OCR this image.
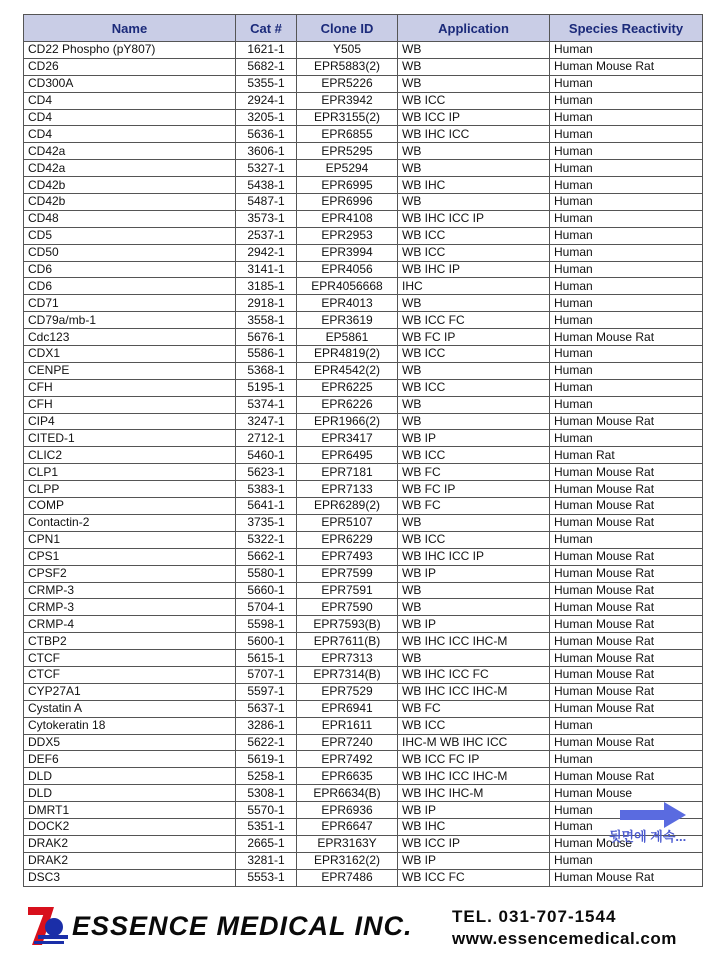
Name	Cat #	Clone ID	Application	Species Reactivity
CD22 Phospho (pY807)	1621-1	Y505	WB	Human
CD26	5682-1	EPR5883(2)	WB	Human Mouse Rat
CD300A	5355-1	EPR5226	WB	Human
CD4	2924-1	EPR3942	WB ICC	Human
CD4	3205-1	EPR3155(2)	WB ICC IP	Human
CD4	5636-1	EPR6855	WB IHC ICC	Human
CD42a	3606-1	EPR5295	WB	Human
CD42a	5327-1	EP5294	WB	Human
CD42b	5438-1	EPR6995	WB IHC	Human
CD42b	5487-1	EPR6996	WB	Human
CD48	3573-1	EPR4108	WB IHC ICC IP	Human
CD5	2537-1	EPR2953	WB ICC	Human
CD50	2942-1	EPR3994	WB ICC	Human
CD6	3141-1	EPR4056	WB IHC IP	Human
CD6	3185-1	EPR4056668	IHC	Human
CD71	2918-1	EPR4013	WB	Human
CD79a/mb-1	3558-1	EPR3619	WB ICC FC	Human
Cdc123	5676-1	EP5861	WB FC IP	Human Mouse Rat
CDX1	5586-1	EPR4819(2)	WB ICC	Human
CENPE	5368-1	EPR4542(2)	WB	Human
CFH	5195-1	EPR6225	WB ICC	Human
CFH	5374-1	EPR6226	WB	Human
CIP4	3247-1	EPR1966(2)	WB	Human Mouse Rat
CITED-1	2712-1	EPR3417	WB IP	Human
CLIC2	5460-1	EPR6495	WB ICC	Human Rat
CLP1	5623-1	EPR7181	WB FC	Human Mouse Rat
CLPP	5383-1	EPR7133	WB FC IP	Human Mouse Rat
COMP	5641-1	EPR6289(2)	WB FC	Human Mouse Rat
Contactin-2	3735-1	EPR5107	WB	Human Mouse Rat
CPN1	5322-1	EPR6229	WB ICC	Human
CPS1	5662-1	EPR7493	WB IHC ICC IP	Human Mouse Rat
CPSF2	5580-1	EPR7599	WB IP	Human Mouse Rat
CRMP-3	5660-1	EPR7591	WB	Human Mouse Rat
CRMP-3	5704-1	EPR7590	WB	Human Mouse Rat
CRMP-4	5598-1	EPR7593(B)	WB IP	Human Mouse Rat
CTBP2	5600-1	EPR7611(B)	WB IHC ICC IHC-M	Human Mouse Rat
CTCF	5615-1	EPR7313	WB	Human Mouse Rat
CTCF	5707-1	EPR7314(B)	WB IHC ICC FC	Human Mouse Rat
CYP27A1	5597-1	EPR7529	WB IHC ICC IHC-M	Human Mouse Rat
Cystatin A	5637-1	EPR6941	WB FC	Human Mouse Rat
Cytokeratin 18	3286-1	EPR1611	WB ICC	Human
DDX5	5622-1	EPR7240	IHC-M WB IHC ICC	Human Mouse Rat
DEF6	5619-1	EPR7492	WB ICC FC IP	Human
DLD	5258-1	EPR6635	WB IHC ICC IHC-M	Human Mouse Rat
DLD	5308-1	EPR6634(B)	WB IHC IHC-M	Human Mouse
DMRT1	5570-1	EPR6936	WB IP	Human
DOCK2	5351-1	EPR6647	WB IHC	Human
DRAK2	2665-1	EPR3163Y	WB ICC IP	Human Mouse
DRAK2	3281-1	EPR3162(2)	WB IP	Human
DSC3	5553-1	EPR7486	WB ICC FC	Human Mouse Rat
뒷면에 계속...
ESSENCE MEDICAL INC. TEL. 031-707-1544
www.essencemedical.com
